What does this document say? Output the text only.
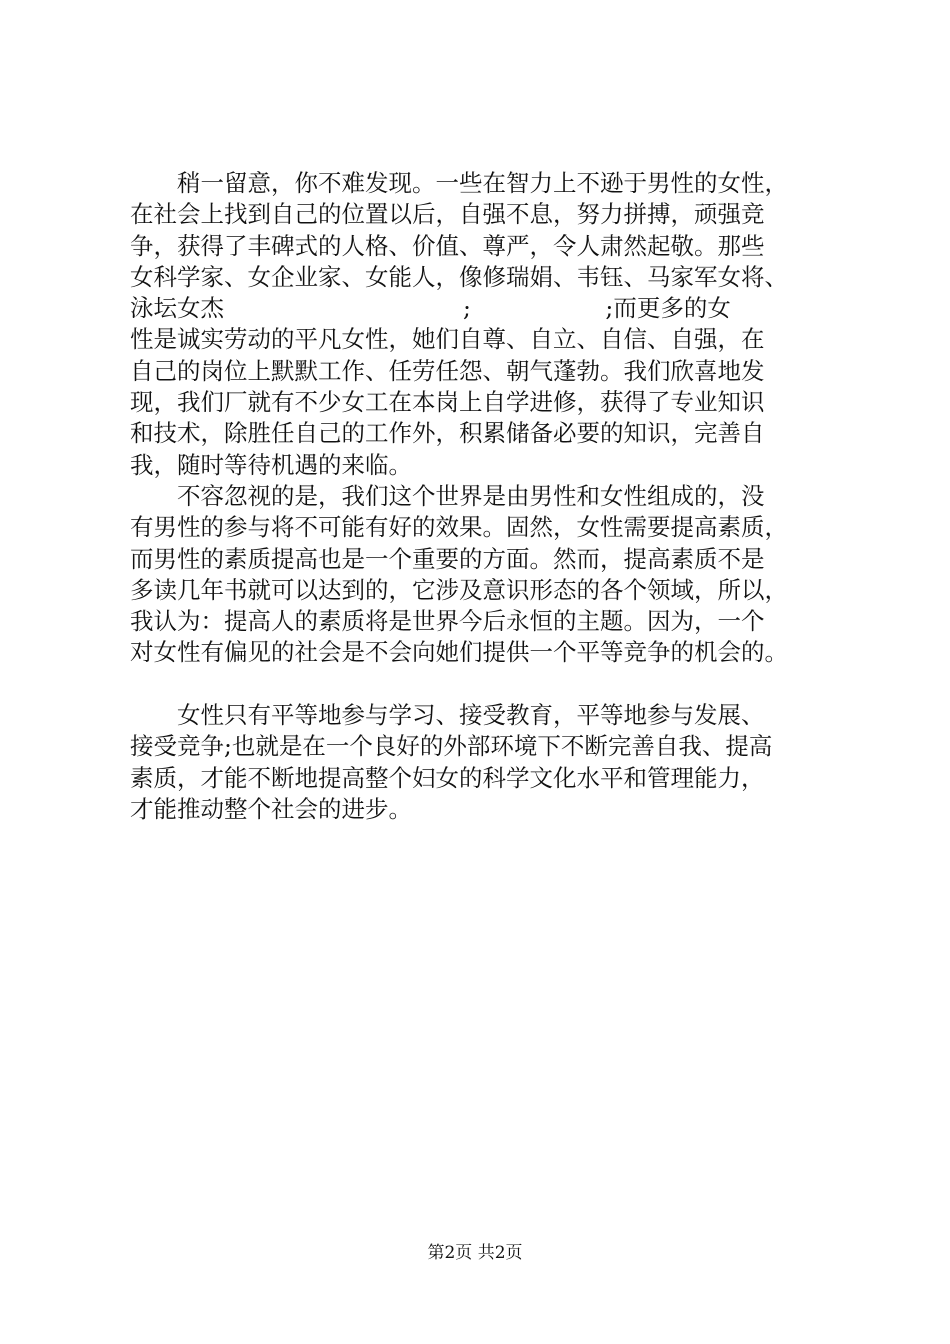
　　稍一留意，你不难发现。一些在智力上不逊于男性的女性，
在社会上找到自己的位置以后，自强不息，努力拼搏，顽强竞
争，获得了丰碑式的人格、价值、尊严，令人肃然起敬。那些
女科学家、女企业家、女能人，像修瑞娟、韦钰、马家军女将、
泳坛女杰                                ;                  ;而更多的女
性是诚实劳动的平凡女性，她们自尊、自立、自信、自强，在
自己的岗位上默默工作、任劳任怨、朝气蓬勃。我们欣喜地发
现，我们厂就有不少女工在本岗上自学进修，获得了专业知识
和技术，除胜任自己的工作外，积累储备必要的知识，完善自
我，随时等待机遇的来临。
　　不容忽视的是，我们这个世界是由男性和女性组成的，没
有男性的参与将不可能有好的效果。固然，女性需要提高素质，
而男性的素质提高也是一个重要的方面。然而，提高素质不是
多读几年书就可以达到的，它涉及意识形态的各个领域，所以，
我认为：提高人的素质将是世界今后永恒的主题。因为，一个
对女性有偏见的社会是不会向她们提供一个平等竞争的机会的。
　　女性只有平等地参与学习、接受教育，平等地参与发展、
接受竞争;也就是在一个良好的外部环境下不断完善自我、提高
素质，才能不断地提高整个妇女的科学文化水平和管理能力，
才能推动整个社会的进步。
第2页 共2页
